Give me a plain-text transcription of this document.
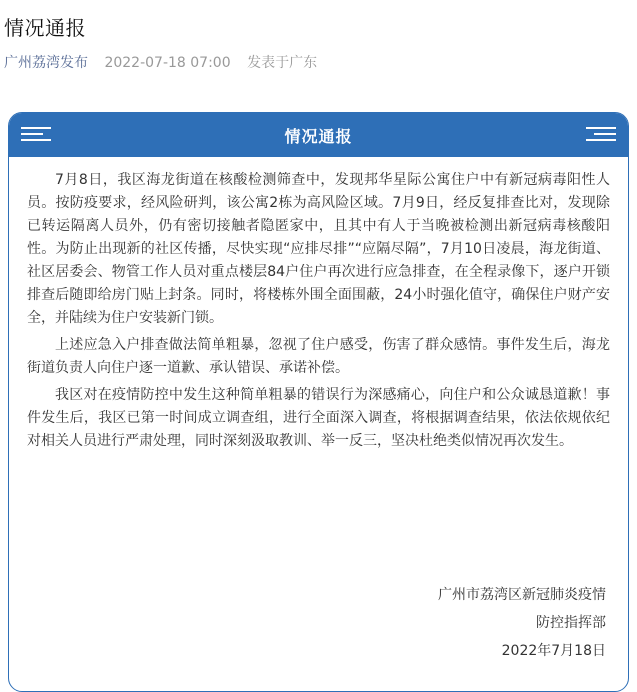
情况通报
广州荔湾发布 2022-07-18 07:00 发表于广东
情况通报

7月8日，我区海龙街道在核酸检测筛查中，发现邦华星际公寓住户中有新冠病毒阳性人员。按防疫要求，经风险研判，该公寓2栋为高风险区域。7月9日，经反复排查比对，发现除已转运隔离人员外，仍有密切接触者隐匿家中，且其中有人于当晚被检测出新冠病毒核酸阳性。为防止出现新的社区传播，尽快实现“应排尽排”“应隔尽隔”，7月10日凌晨，海龙街道、社区居委会、物管工作人员对重点楼层84户住户再次进行应急排查，在全程录像下，逐户开锁排查后随即给房门贴上封条。同时，将楼栋外围全面围蔽，24小时强化值守，确保住户财产安全，并陆续为住户安装新门锁。

上述应急入户排查做法简单粗暴，忽视了住户感受，伤害了群众感情。事件发生后，海龙街道负责人向住户逐一道歉、承认错误、承诺补偿。

我区对在疫情防控中发生这种简单粗暴的错误行为深感痛心，向住户和公众诚恳道歉！事件发生后，我区已第一时间成立调查组，进行全面深入调查，将根据调查结果，依法依规依纪对相关人员进行严肃处理，同时深刻汲取教训、举一反三，坚决杜绝类似情况再次发生。

广州市荔湾区新冠肺炎疫情
防控指挥部
2022年7月18日
